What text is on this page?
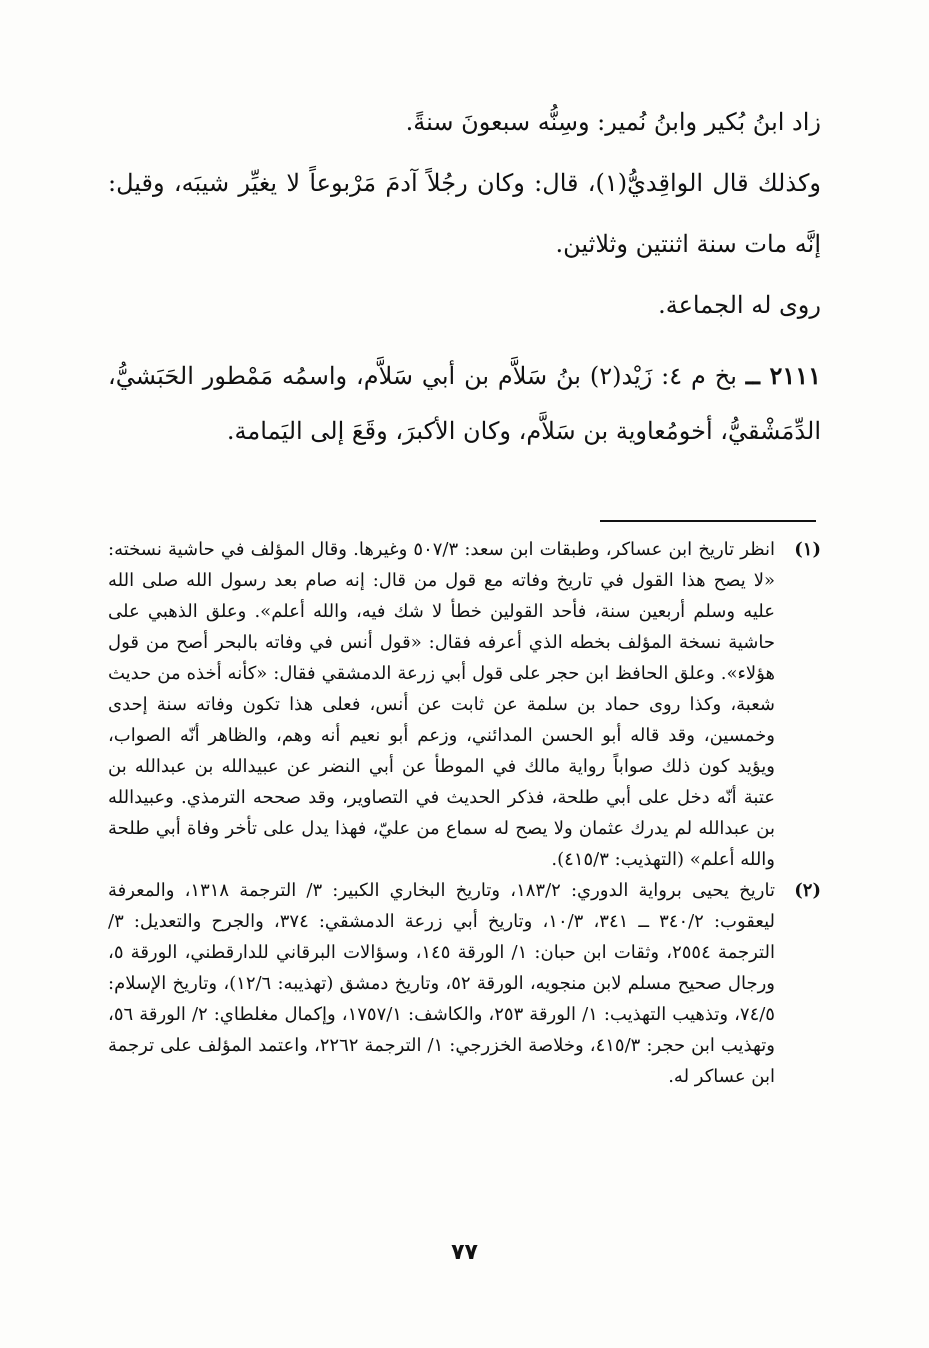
زاد ابنُ بُكير وابنُ نُمير: وسِنُّه سبعونَ سنةً.

وكذلك قال الواقِديُّ(١)، قال: وكان رجُلاً آدمَ مَرْبوعاً لا يغيِّر شيبَه، وقيل: إنَّه مات سنة اثنتين وثلاثين.

روى له الجماعة.

٢١١١ ــ بخ م ٤: زَيْد(٢) بنُ سَلاَّم بن أبي سَلاَّم، واسمُه مَمْطور الحَبَشيُّ، الدِّمَشْقيُّ، أخومُعاوية بن سَلاَّم، وكان الأكبرَ، وقَعَ إلى اليَمامة.

(١)
انظر تاريخ ابن عساكر، وطبقات ابن سعد: ٥٠٧/٣ وغيرها. وقال المؤلف في حاشية نسخته: «لا يصح هذا القول في تاريخ وفاته مع قول من قال: إنه صام بعد رسول الله صلى الله عليه وسلم أربعين سنة، فأحد القولين خطأ لا شك فيه، والله أعلم». وعلق الذهبي على حاشية نسخة المؤلف بخطه الذي أعرفه فقال: «قول أنس في وفاته بالبحر أصح من قول هؤلاء». وعلق الحافظ ابن حجر على قول أبي زرعة الدمشقي فقال: «كأنه أخذه من حديث شعبة، وكذا روى حماد بن سلمة عن ثابت عن أنس، فعلى هذا تكون وفاته سنة إحدى وخمسين، وقد قاله أبو الحسن المدائني، وزعم أبو نعيم أنه وهم، والظاهر أنّه الصواب، ويؤيد كون ذلك صواباً رواية مالك في الموطأ عن أبي النضر عن عبيدالله بن عبدالله بن عتبة أنّه دخل على أبي طلحة، فذكر الحديث في التصاوير، وقد صححه الترمذي. وعبيدالله بن عبدالله لم يدرك عثمان ولا يصح له سماع من عليّ، فهذا يدل على تأخر وفاة أبي طلحة والله أعلم» (التهذيب: ٤١٥/٣).
(٢)
تاريخ يحيى برواية الدوري: ١٨٣/٢، وتاريخ البخاري الكبير: ٣/ الترجمة ١٣١٨، والمعرفة ليعقوب: ٣٤٠/٢ ــ ٣٤١، ١٠/٣، وتاريخ أبي زرعة الدمشقي: ٣٧٤، والجرح والتعديل: ٣/ الترجمة ٢٥٥٤، وثقات ابن حبان: ١/ الورقة ١٤٥، وسؤالات البرقاني للدارقطني، الورقة ٥، ورجال صحيح مسلم لابن منجويه، الورقة ٥٢، وتاريخ دمشق (تهذيبه: ١٢/٦)، وتاريخ الإسلام: ٧٤/٥، وتذهيب التهذيب: ١/ الورقة ٢٥٣، والكاشف: ١٧٥٧/١، وإكمال مغلطاي: ٢/ الورقة ٥٦، وتهذيب ابن حجر: ٤١٥/٣، وخلاصة الخزرجي: ١/ الترجمة ٢٢٦٢، واعتمد المؤلف على ترجمة ابن عساكر له.
٧٧
